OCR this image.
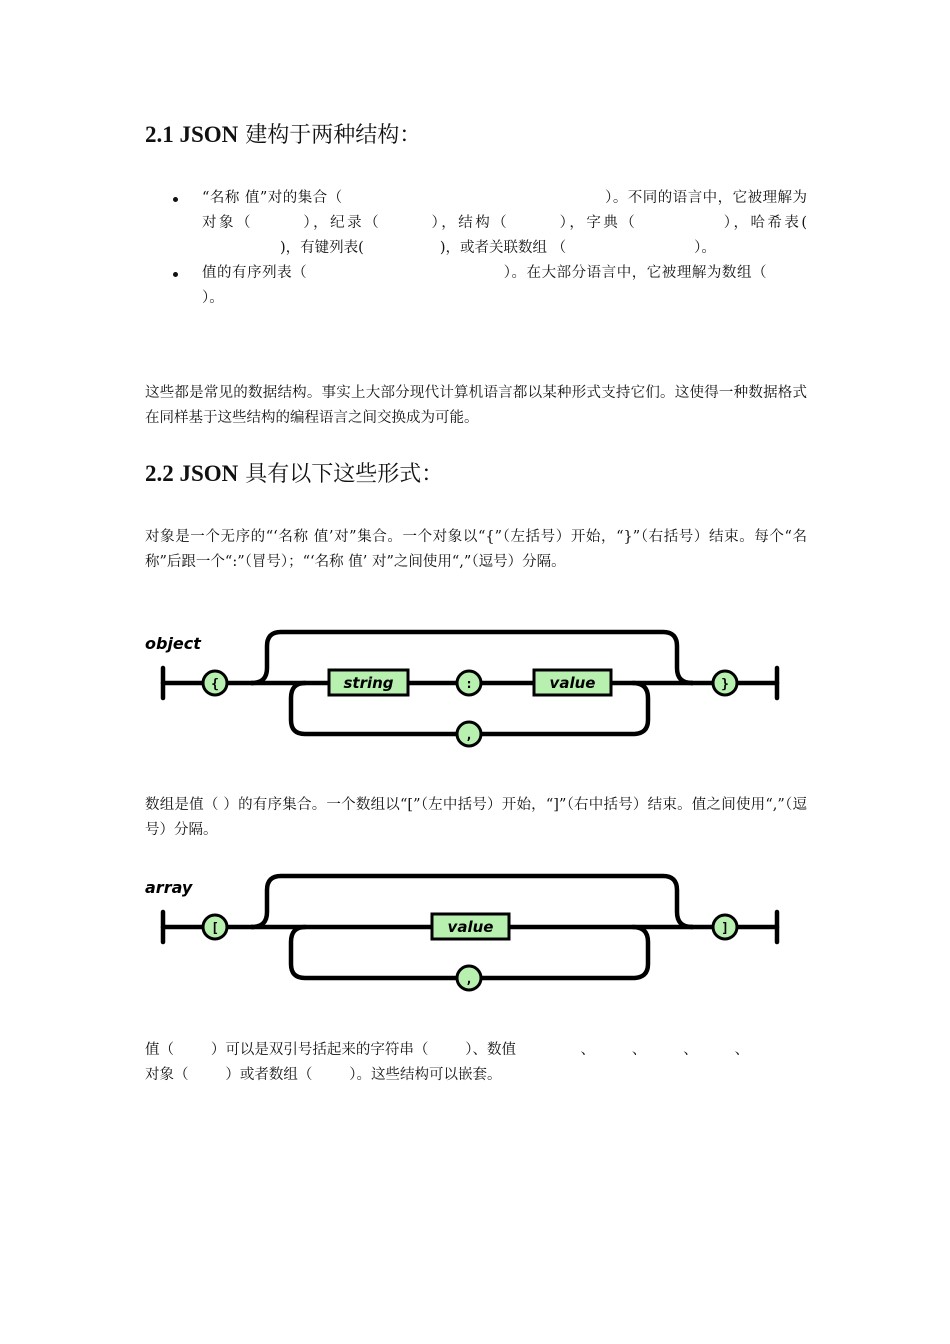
2.1 JSON 建构于两种结构：
“名称 值”对的集合（	）。不同的语言中，它被理解为对象（	），纪录（	），结构（	），字典（	），哈希表()，有键列表(	)，或者关联数组 （	）。
值的有序列表（	）。在大部分语言中，它被理解为数组（）。

这些都是常见的数据结构。事实上大部分现代计算机语言都以某种形式支持它们。这使得一种数据格式在同样基于这些结构的编程语言之间交换成为可能。

2.2 JSON 具有以下这些形式：

对象是一个无序的“‘名称 值’对”集合。一个对象以“{”（左括号）开始，“}”（右括号）结束。每个“名称”后跟一个“:”（冒号）；“‘名称 值’ 对”之间使用“,”（逗号）分隔。

object
{	string	:	value
,
}

数组是值（ ）的有序集合。一个数组以“[”（左中括号）开始，“]”（右中括号）结束。值之间使用“,”（逗号）分隔。

array
[	value
,
]

值（        ）可以是双引号括起来的字符串（        ）、数值              、        、        、        、

对象（        ）或者数组（        ）。这些结构可以嵌套。
